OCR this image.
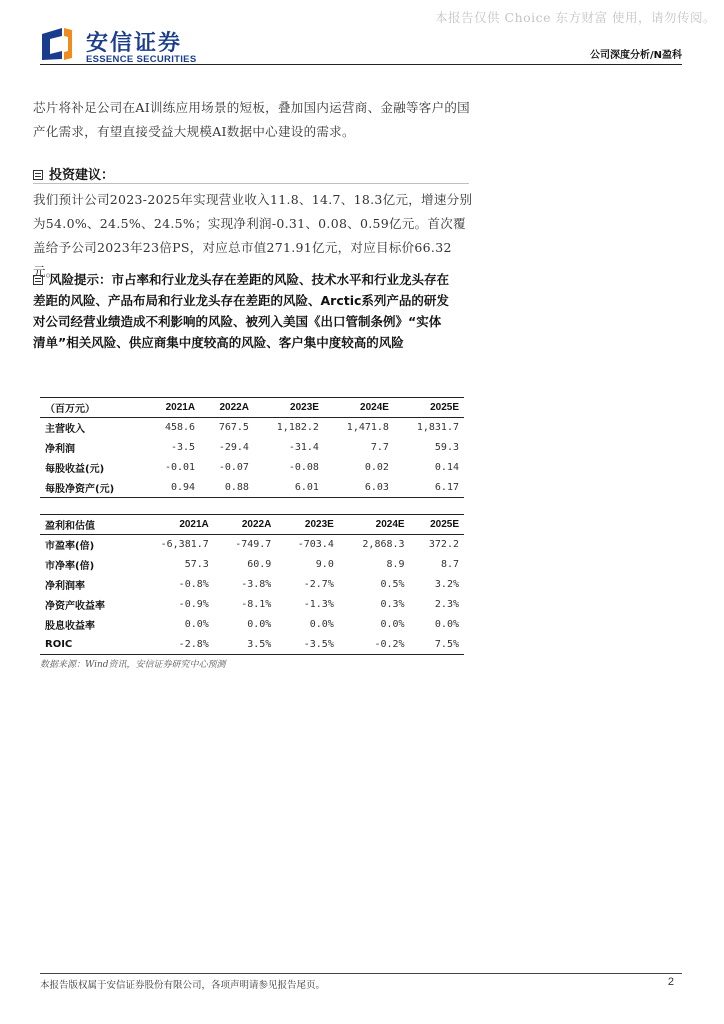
本报告仅供 Choice 东方财富 使用，请勿传阅。
安信证券
ESSENCE SECURITIES	公司深度分析/N盈科
芯片将补足公司在AI训练应用场景的短板，叠加国内运营商、金融等客户的国产化需求，有望直接受益大规模AI数据中心建设的需求。
投资建议：
我们预计公司2023-2025年实现营业收入11.8、14.7、18.3亿元，增速分别为54.0%、24.5%、24.5%；实现净利润-0.31、0.08、0.59亿元。首次覆盖给予公司2023年23倍PS，对应总市值271.91亿元，对应目标价66.32元。
风险提示：市占率和行业龙头存在差距的风险、技术水平和行业龙头存在差距的风险、产品布局和行业龙头存在差距的风险、Arctic系列产品的研发对公司经营业绩造成不利影响的风险、被列入美国《出口管制条例》“实体清单”相关风险、供应商集中度较高的风险、客户集中度较高的风险
（百万元）	2021A	2022A	2023E	2024E	2025E
主营收入	458.6	767.5	1,182.2	1,471.8	1,831.7
净利润	-3.5	-29.4	-31.4	7.7	59.3
每股收益(元)	-0.01	-0.07	-0.08	0.02	0.14
每股净资产(元)	0.94	0.88	6.01	6.03	6.17
盈利和估值	2021A	2022A	2023E	2024E	2025E
市盈率(倍)	-6,381.7	-749.7	-703.4	2,868.3	372.2
市净率(倍)	57.3	60.9	9.0	8.9	8.7
净利润率	-0.8%	-3.8%	-2.7%	0.5%	3.2%
净资产收益率	-0.9%	-8.1%	-1.3%	0.3%	2.3%
股息收益率	0.0%	0.0%	0.0%	0.0%	0.0%
ROIC	-2.8%	3.5%	-3.5%	-0.2%	7.5%
数据来源：Wind资讯，安信证券研究中心预测
本报告版权属于安信证券股份有限公司，各项声明请参见报告尾页。	2
